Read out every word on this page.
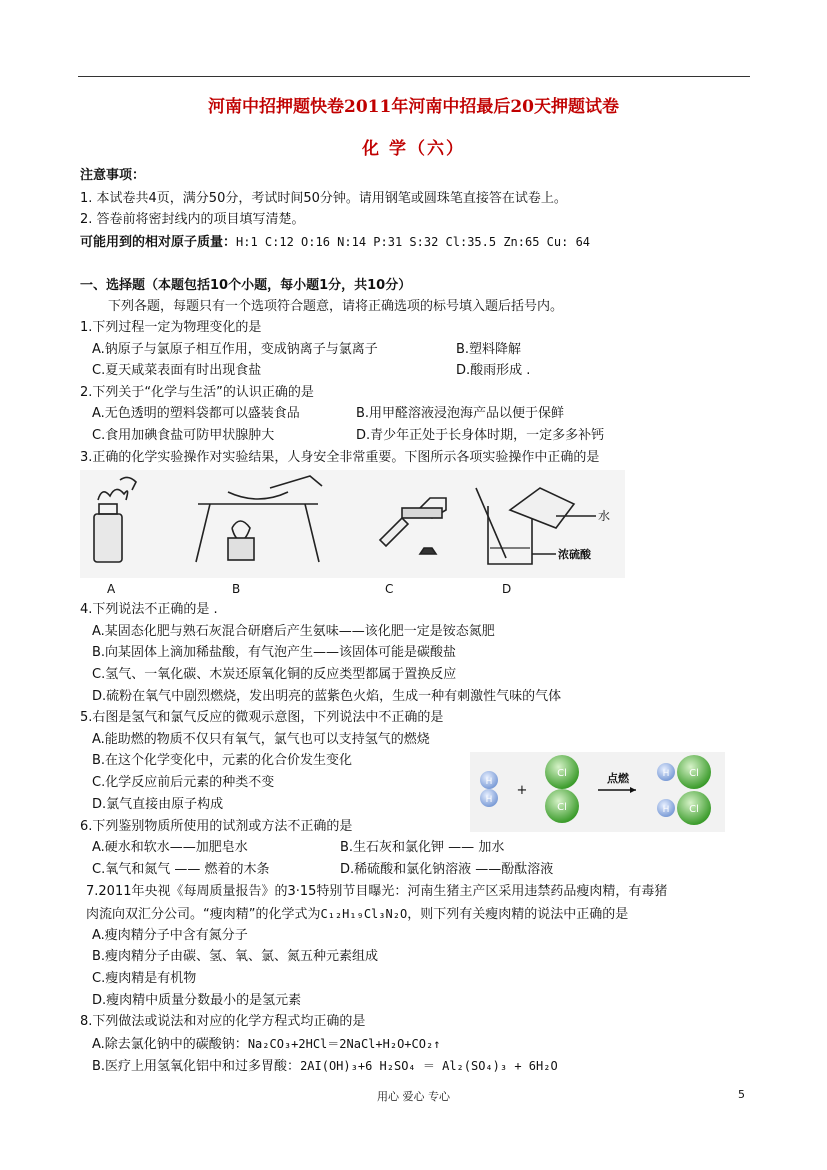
河南中招押题快卷2011年河南中招最后20天押题试卷
化 学（六）
注意事项：
1. 本试卷共4页，满分50分，考试时间50分钟。请用钢笔或圆珠笔直接答在试卷上。
2. 答卷前将密封线内的项目填写清楚。
可能用到的相对原子质量：H:1 C:12 O:16 N:14 P:31 S:32 Cl:35.5 Zn:65 Cu: 64
一、选择题（本题包括10个小题，每小题1分，共10分）
下列各题，每题只有一个选项符合题意，请将正确选项的标号填入题后括号内。
1.下列过程一定为物理变化的是
A.钠原子与氯原子相互作用，变成钠离子与氯离子	B.塑料降解
C.夏天咸菜表面有时出现食盐	D.酸雨形成 .
2.下列关于“化学与生活”的认识正确的是
A.无色透明的塑料袋都可以盛装食品	B.用甲醛溶液浸泡海产品以便于保鲜
C.食用加碘食盐可防甲状腺肿大	D.青少年正处于长身体时期，一定多多补钙
3.正确的化学实验操作对实验结果，人身安全非常重要。下图所示各项实验操作中正确的是
水
浓硫酸
A	B	C	D
4.下列说法不正确的是 .
A.某固态化肥与熟石灰混合研磨后产生氨味——该化肥一定是铵态氮肥
B.向某固体上滴加稀盐酸，有气泡产生——该固体可能是碳酸盐
C.氢气、一氧化碳、木炭还原氧化铜的反应类型都属于置换反应
D.硫粉在氧气中剧烈燃烧，发出明亮的蓝紫色火焰，生成一种有刺激性气味的气体
5.右图是氢气和氯气反应的微观示意图，下列说法中不正确的是
A.能助燃的物质不仅只有氧气，氯气也可以支持氢气的燃烧
B.在这个化学变化中，元素的化合价发生变化
C.化学反应前后元素的种类不变
D.氯气直接由原子构成
H
H
+
Cl
Cl
点燃	H Cl
H Cl
6.下列鉴别物质所使用的试剂或方法不正确的是
A.硬水和软水——加肥皂水	B.生石灰和氯化钾 —— 加水
C.氧气和氮气 —— 燃着的木条	D.稀硫酸和氯化钠溶液 ——酚酞溶液
7.2011年央视《每周质量报告》的3·15特别节目曝光：河南生猪主产区采用违禁药品瘦肉精，有毒猪
肉流向双汇分公司。“瘦肉精”的化学式为C₁₂H₁₉Cl₃N₂O，则下列有关瘦肉精的说法中正确的是
A.瘦肉精分子中含有氮分子
B.瘦肉精分子由碳、氢、氧、氯、氮五种元素组成
C.瘦肉精是有机物
D.瘦肉精中质量分数最小的是氢元素
8.下列做法或说法和对应的化学方程式均正确的是
A.除去氯化钠中的碳酸钠：Na₂CO₃+2HCl＝2NaCl+H₂O+CO₂↑
B.医疗上用氢氧化铝中和过多胃酸：2AI(OH)₃+6 H₂SO₄ ＝ Al₂(SO₄)₃ + 6H₂O
用心 爱心 专心	5
